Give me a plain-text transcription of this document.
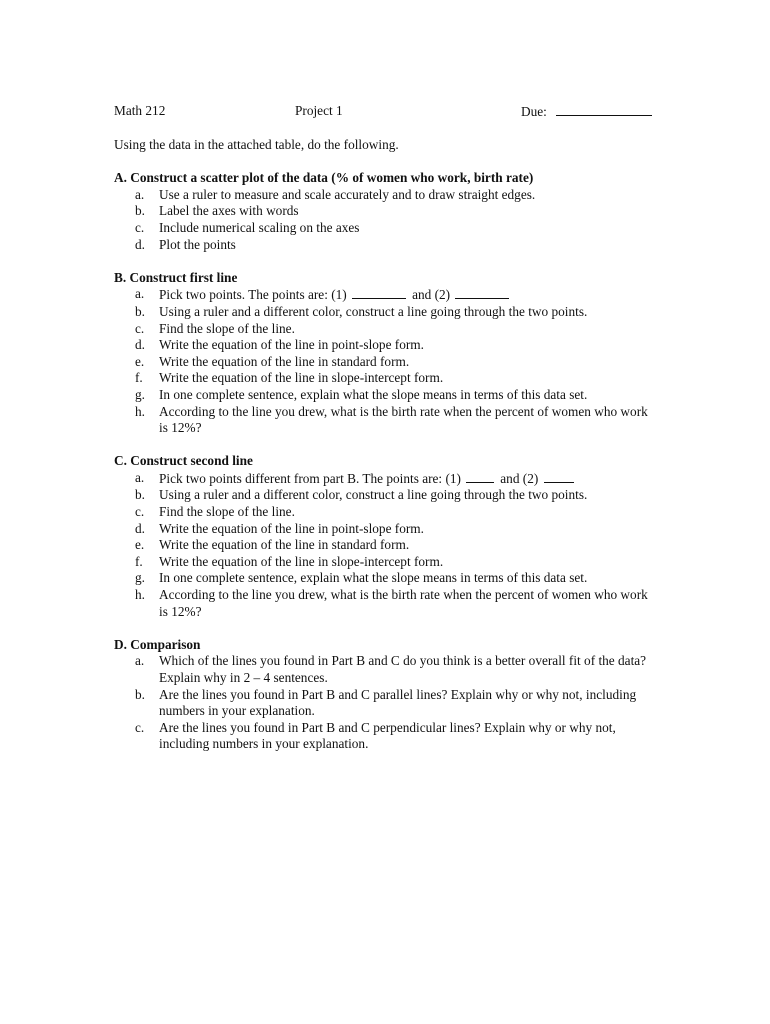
Math 212	Project 1	Due:
Using the data in the attached table, do the following.
A. Construct a scatter plot of the data (% of women who work, birth rate)
a. Use a ruler to measure and scale accurately and to draw straight edges.
b. Label the axes with words
c. Include numerical scaling on the axes
d. Plot the points
B. Construct first line
a. Pick two points. The points are: (1)	and (2)
b. Using a ruler and a different color, construct a line going through the two points.
c. Find the slope of the line.
d. Write the equation of the line in point-slope form.
e. Write the equation of the line in standard form.
f. Write the equation of the line in slope-intercept form.
g. In one complete sentence, explain what the slope means in terms of this data set.
h. According to the line you drew, what is the birth rate when the percent of women who work is 12%?
C. Construct second line
a. Pick two points different from part B. The points are: (1)	and (2)
b. Using a ruler and a different color, construct a line going through the two points.
c. Find the slope of the line.
d. Write the equation of the line in point-slope form.
e. Write the equation of the line in standard form.
f. Write the equation of the line in slope-intercept form.
g. In one complete sentence, explain what the slope means in terms of this data set.
h. According to the line you drew, what is the birth rate when the percent of women who work is 12%?
D. Comparison
a. Which of the lines you found in Part B and C do you think is a better overall fit of the data? Explain why in 2 – 4 sentences.
b. Are the lines you found in Part B and C parallel lines? Explain why or why not, including numbers in your explanation.
c. Are the lines you found in Part B and C perpendicular lines? Explain why or why not, including numbers in your explanation.
